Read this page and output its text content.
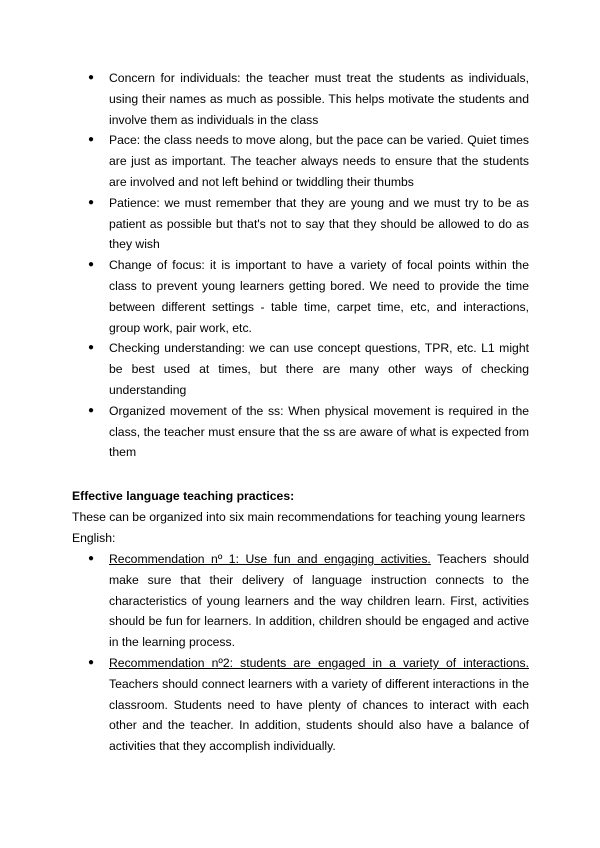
●	Concern for individuals: the teacher must treat the students as individuals, using their names as much as possible. This helps motivate the students and involve them as individuals in the class
●	Pace: the class needs to move along, but the pace can be varied. Quiet times are just as important. The teacher always needs to ensure that the students are involved and not left behind or twiddling their thumbs
●	Patience: we must remember that they are young and we must try to be as patient as possible but that's not to say that they should be allowed to do as they wish
●	Change of focus: it is important to have a variety of focal points within the class to prevent young learners getting bored. We need to provide the time between different settings - table time, carpet time, etc, and interactions, group work, pair work, etc.
●	Checking understanding: we can use concept questions, TPR, etc. L1 might be best used at times, but there are many other ways of checking understanding
●	Organized movement of the ss: When physical movement is required in the class, the teacher must ensure that the ss are aware of what is expected from them

Effective language teaching practices:

These can be organized into six main recommendations for teaching young learners English:

●	Recommendation nº 1: Use fun and engaging activities. Teachers should make sure that their delivery of language instruction connects to the characteristics of young learners and the way children learn. First, activities should be fun for learners. In addition, children should be engaged and active in the learning process.
●	Recommendation nº2: students are engaged in a variety of interactions. Teachers should connect learners with a variety of different interactions in the classroom. Students need to have plenty of chances to interact with each other and the teacher. In addition, students should also have a balance of activities that they accomplish individually.
